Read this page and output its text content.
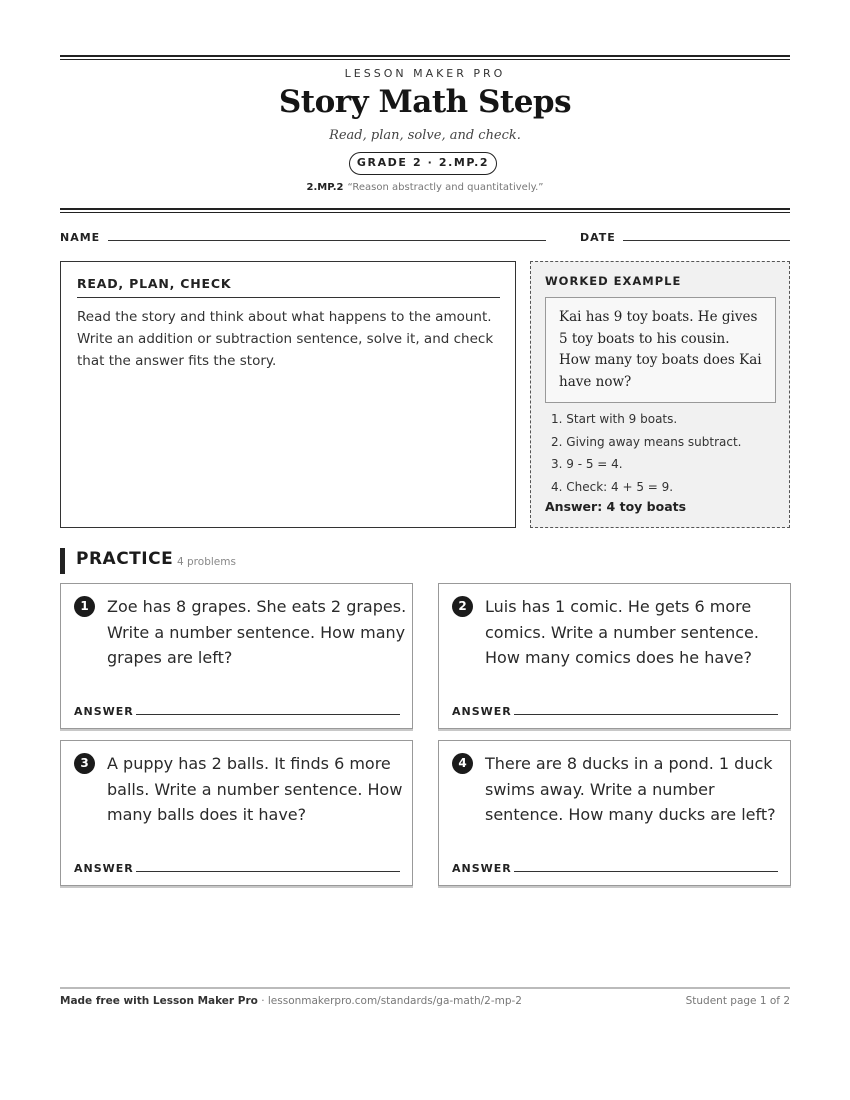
LESSON MAKER PRO
Story Math Steps
Read, plan, solve, and check.
GRADE 2 · 2.MP.2
2.MP.2 “Reason abstractly and quantitatively.”
NAME	DATE
READ, PLAN, CHECK
Read the story and think about what happens to the amount. Write an addition or subtraction sentence, solve it, and check that the answer fits the story.
WORKED EXAMPLE
Kai has 9 toy boats. He gives 5 toy boats to his cousin. How many toy boats does Kai have now?
1. Start with 9 boats.
2. Giving away means subtract.
3. 9 - 5 = 4.
4. Check: 4 + 5 = 9.
Answer: 4 toy boats
PRACTICE 4 problems
1	Zoe has 8 grapes. She eats 2 grapes. Write a number sentence. How many grapes are left?
ANSWER
2	Luis has 1 comic. He gets 6 more comics. Write a number sentence. How many comics does he have?
ANSWER
3	A puppy has 2 balls. It finds 6 more balls. Write a number sentence. How many balls does it have?
ANSWER
4	There are 8 ducks in a pond. 1 duck swims away. Write a number sentence. How many ducks are left?
ANSWER
Made free with Lesson Maker Pro · lessonmakerpro.com/standards/ga-math/2-mp-2	Student page 1 of 2
